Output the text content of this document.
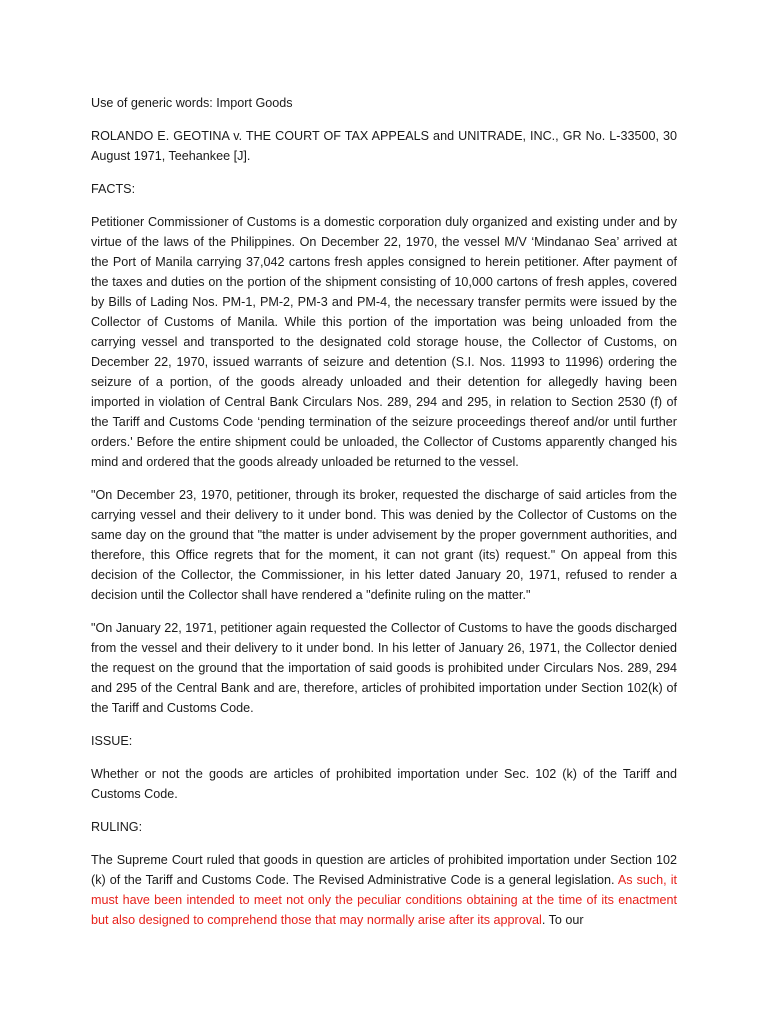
Use of generic words: Import Goods

ROLANDO E. GEOTINA v. THE COURT OF TAX APPEALS and UNITRADE, INC., GR No. L-33500, 30 August 1971, Teehankee [J].

FACTS:

Petitioner Commissioner of Customs is a domestic corporation duly organized and existing under and by virtue of the laws of the Philippines. On December 22, 1970, the vessel M/V ‘Mindanao Sea’ arrived at the Port of Manila carrying 37,042 cartons fresh apples consigned to herein petitioner. After payment of the taxes and duties on the portion of the shipment consisting of 10,000 cartons of fresh apples, covered by Bills of Lading Nos. PM-1, PM-2, PM-3 and PM-4, the necessary transfer permits were issued by the Collector of Customs of Manila. While this portion of the importation was being unloaded from the carrying vessel and transported to the designated cold storage house, the Collector of Customs, on December 22, 1970, issued warrants of seizure and detention (S.I. Nos. 11993 to 11996) ordering the seizure of a portion, of the goods already unloaded and their detention for allegedly having been imported in violation of Central Bank Circulars Nos. 289, 294 and 295, in relation to Section 2530 (f) of the Tariff and Customs Code ‘pending termination of the seizure proceedings thereof and/or until further orders.' Before the entire shipment could be unloaded, the Collector of Customs apparently changed his mind and ordered that the goods already unloaded be returned to the vessel.

"On December 23, 1970, petitioner, through its broker, requested the discharge of said articles from the carrying vessel and their delivery to it under bond. This was denied by the Collector of Customs on the same day on the ground that "the matter is under advisement by the proper government authorities, and therefore, this Office regrets that for the moment, it can not grant (its) request." On appeal from this decision of the Collector, the Commissioner, in his letter dated January 20, 1971, refused to render a decision until the Collector shall have rendered a "definite ruling on the matter."

"On January 22, 1971, petitioner again requested the Collector of Customs to have the goods discharged from the vessel and their delivery to it under bond. In his letter of January 26, 1971, the Collector denied the request on the ground that the importation of said goods is prohibited under Circulars Nos. 289, 294 and 295 of the Central Bank and are, therefore, articles of prohibited importation under Section 102(k) of the Tariff and Customs Code.

ISSUE:

Whether or not the goods are articles of prohibited importation under Sec. 102 (k) of the Tariff and Customs Code.

RULING:

The Supreme Court ruled that goods in question are articles of prohibited importation under Section 102 (k) of the Tariff and Customs Code. The Revised Administrative Code is a general legislation. As such, it must have been intended to meet not only the peculiar conditions obtaining at the time of its enactment but also designed to comprehend those that may normally arise after its approval. To our
